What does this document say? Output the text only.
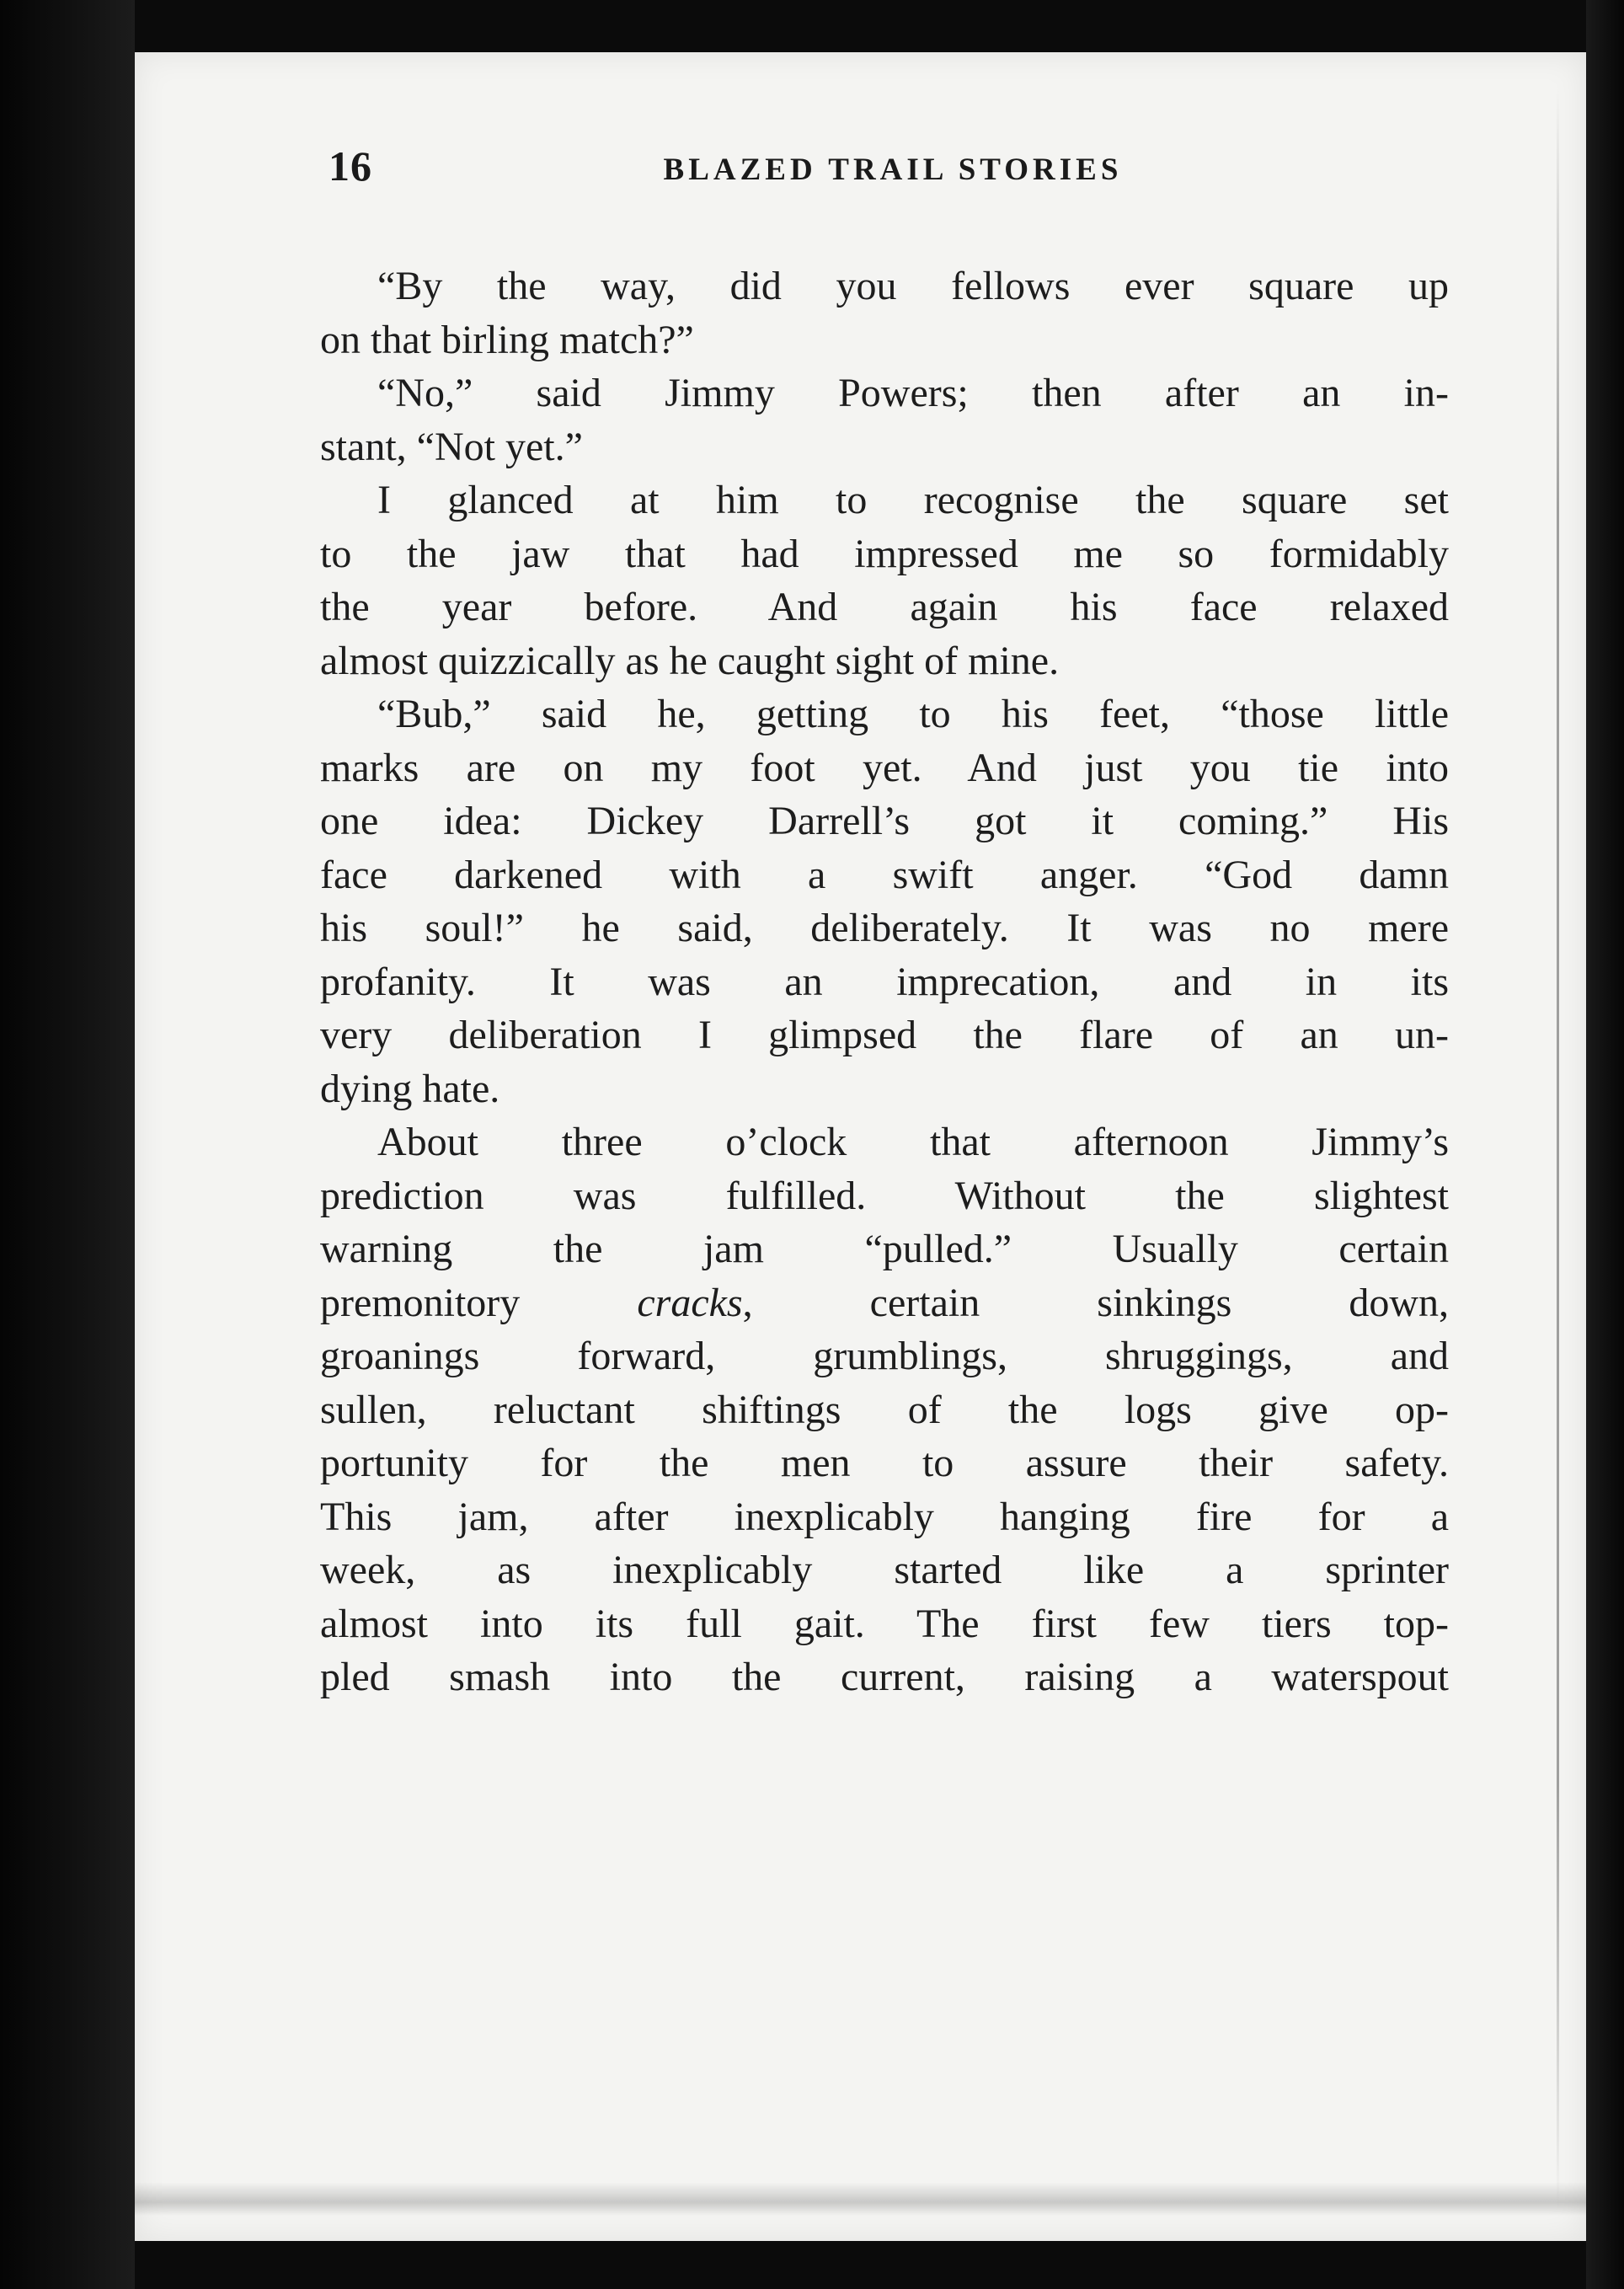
16	BLAZED TRAIL STORIES
“By the way, did you fellows ever square up
on that birling match?”
“No,” said Jimmy Powers; then after an in-
stant, “Not yet.”
I glanced at him to recognise the square set
to the jaw that had impressed me so formidably
the year before. And again his face relaxed
almost quizzically as he caught sight of mine.
“Bub,” said he, getting to his feet, “those little
marks are on my foot yet. And just you tie into
one idea: Dickey Darrell’s got it coming.” His
face darkened with a swift anger. “God damn
his soul!” he said, deliberately. It was no mere
profanity. It was an imprecation, and in its
very deliberation I glimpsed the flare of an un-
dying hate.
About three o’clock that afternoon Jimmy’s
prediction was fulfilled. Without the slightest
warning the jam “pulled.” Usually certain
premonitory cracks, certain sinkings down,
groanings forward, grumblings, shruggings, and
sullen, reluctant shiftings of the logs give op-
portunity for the men to assure their safety.
This jam, after inexplicably hanging fire for a
week, as inexplicably started like a sprinter
almost into its full gait. The first few tiers top-
pled smash into the current, raising a waterspout
